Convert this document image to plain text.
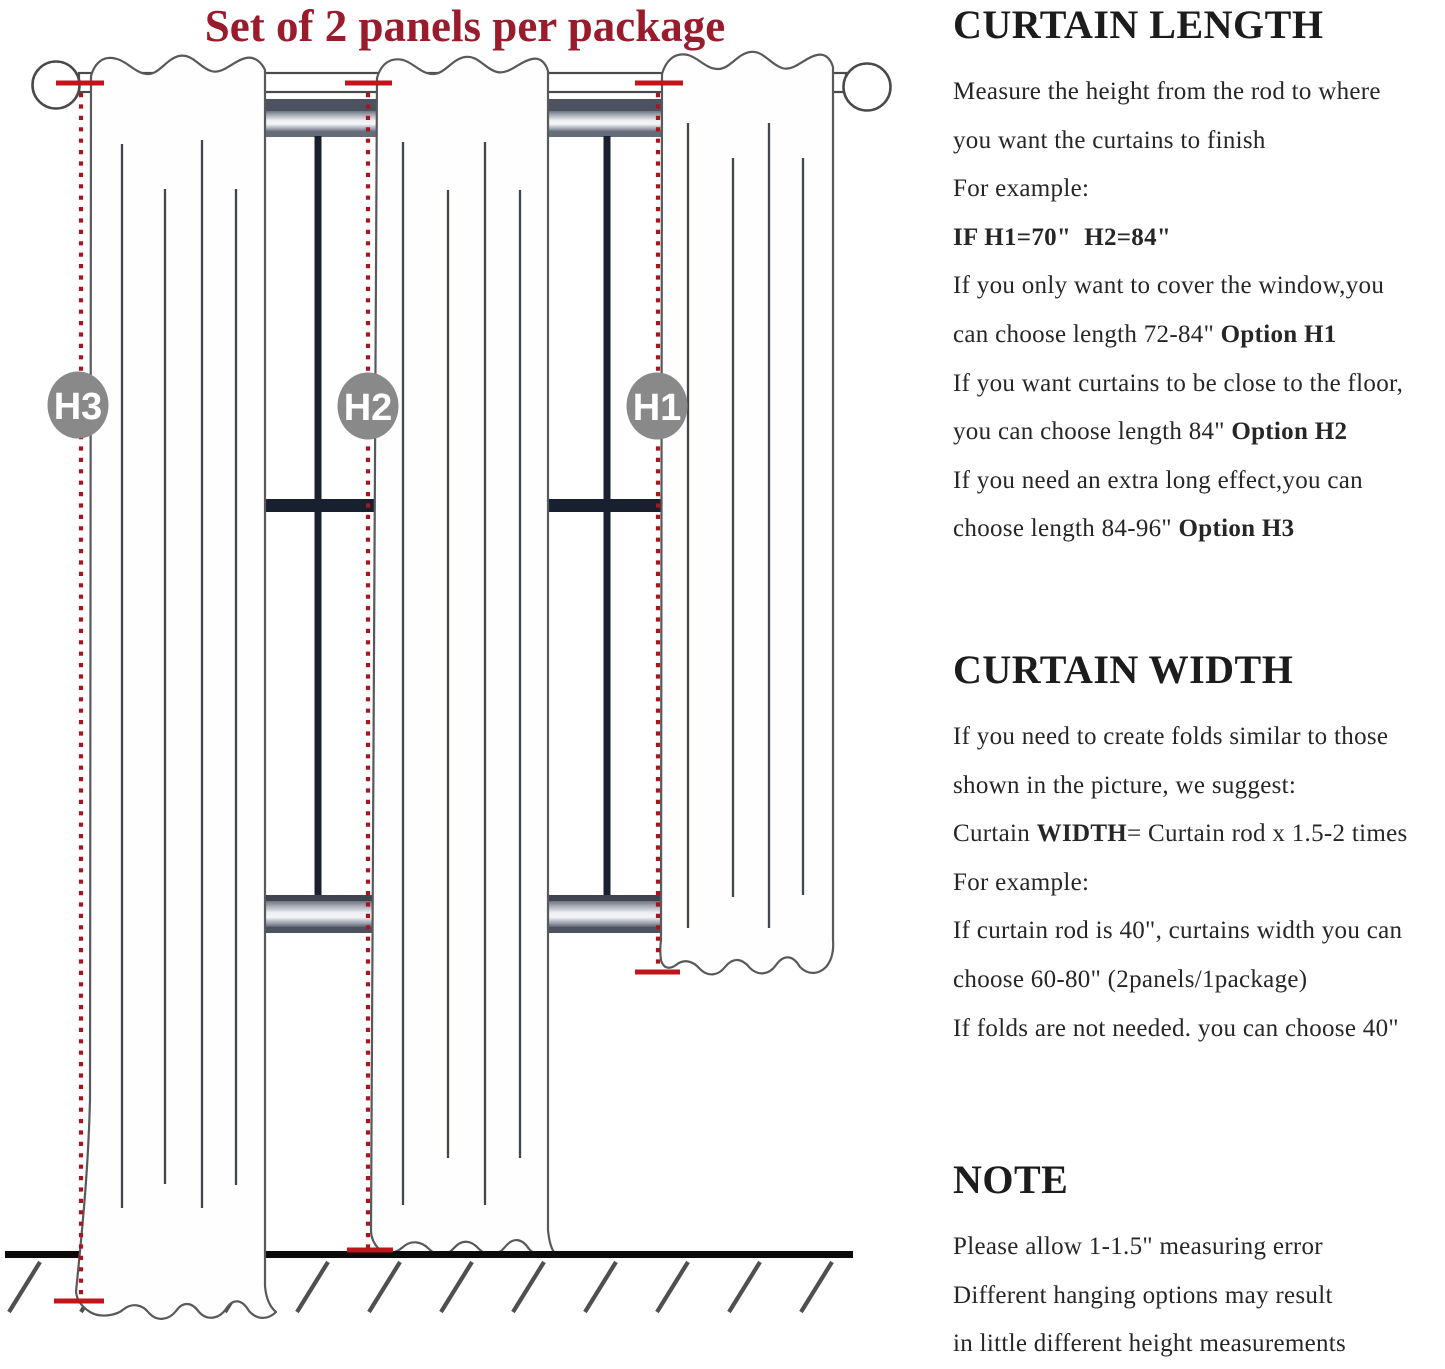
Set of 2 panels per package
H3	H2	H1
CURTAIN LENGTH
Measure the height from the rod to where
you want the curtains to finish
For example:
IF H1=70"  H2=84"
If you only want to cover the window,you
can choose length 72-84" Option H1
If you want curtains to be close to the floor,
you can choose length 84" Option H2
If you need an extra long effect,you can
choose length 84-96" Option H3
CURTAIN WIDTH
If you need to create folds similar to those
shown in the picture, we suggest:
Curtain WIDTH= Curtain rod x 1.5-2 times
For example:
If curtain rod is 40", curtains width you can
choose 60-80" (2panels/1package)
If folds are not needed. you can choose 40"
NOTE
Please allow 1-1.5" measuring error
Different hanging options may result
in little different height measurements
